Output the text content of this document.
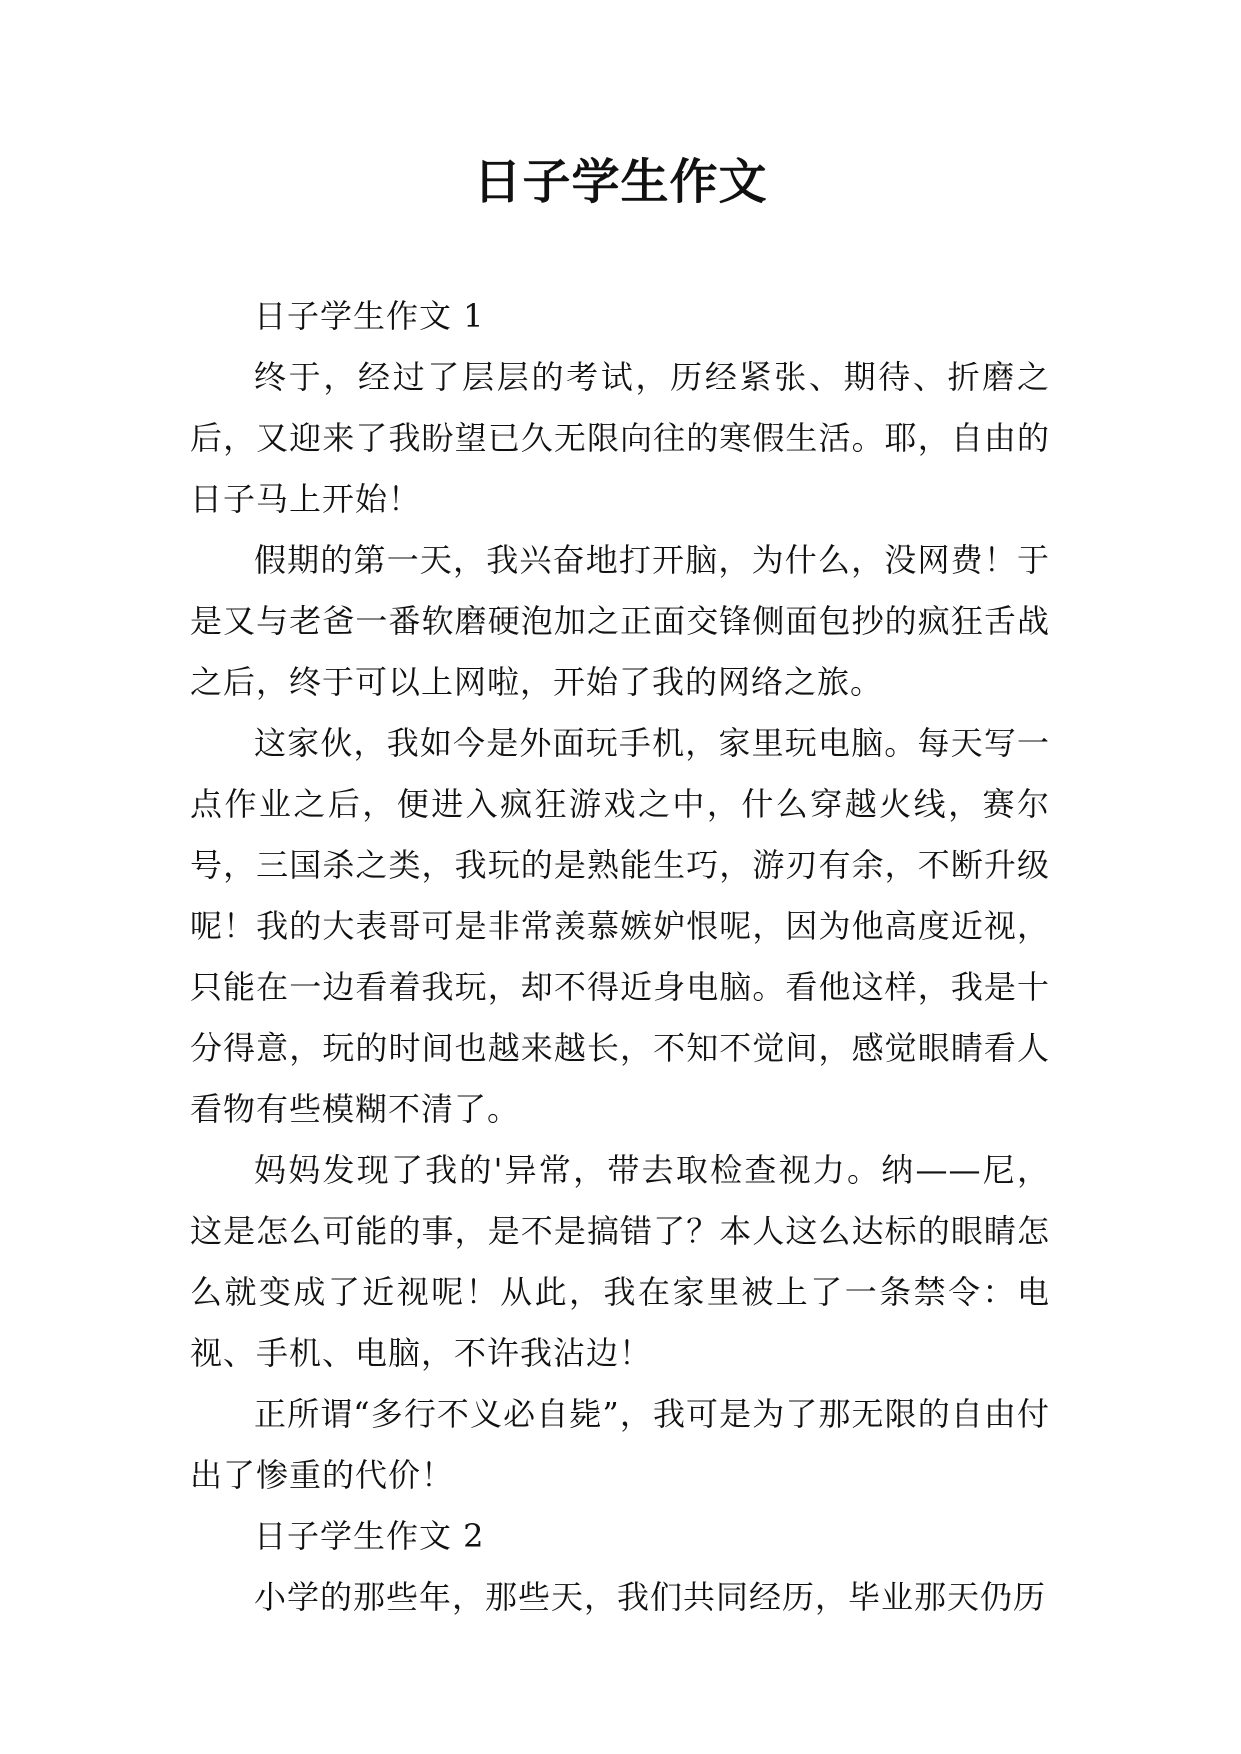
日子学生作文

日子学生作文 1

终于，经过了层层的考试，历经紧张、期待、折磨之后，又迎来了我盼望已久无限向往的寒假生活。耶，自由的日子马上开始！

假期的第一天，我兴奋地打开脑，为什么，没网费！于是又与老爸一番软磨硬泡加之正面交锋侧面包抄的疯狂舌战之后，终于可以上网啦，开始了我的网络之旅。

这家伙，我如今是外面玩手机，家里玩电脑。每天写一点作业之后，便进入疯狂游戏之中，什么穿越火线，赛尔号，三国杀之类，我玩的是熟能生巧，游刃有余，不断升级呢！我的大表哥可是非常羡慕嫉妒恨呢，因为他高度近视，只能在一边看着我玩，却不得近身电脑。看他这样，我是十分得意，玩的时间也越来越长，不知不觉间，感觉眼睛看人看物有些模糊不清了。

妈妈发现了我的'异常，带去取检查视力。纳——尼，这是怎么可能的事，是不是搞错了？本人这么达标的眼睛怎么就变成了近视呢！从此，我在家里被上了一条禁令：电视、手机、电脑，不许我沾边！

正所谓“多行不义必自毙”，我可是为了那无限的自由付出了惨重的代价！

日子学生作文 2

小学的那些年，那些天，我们共同经历，毕业那天仍历
